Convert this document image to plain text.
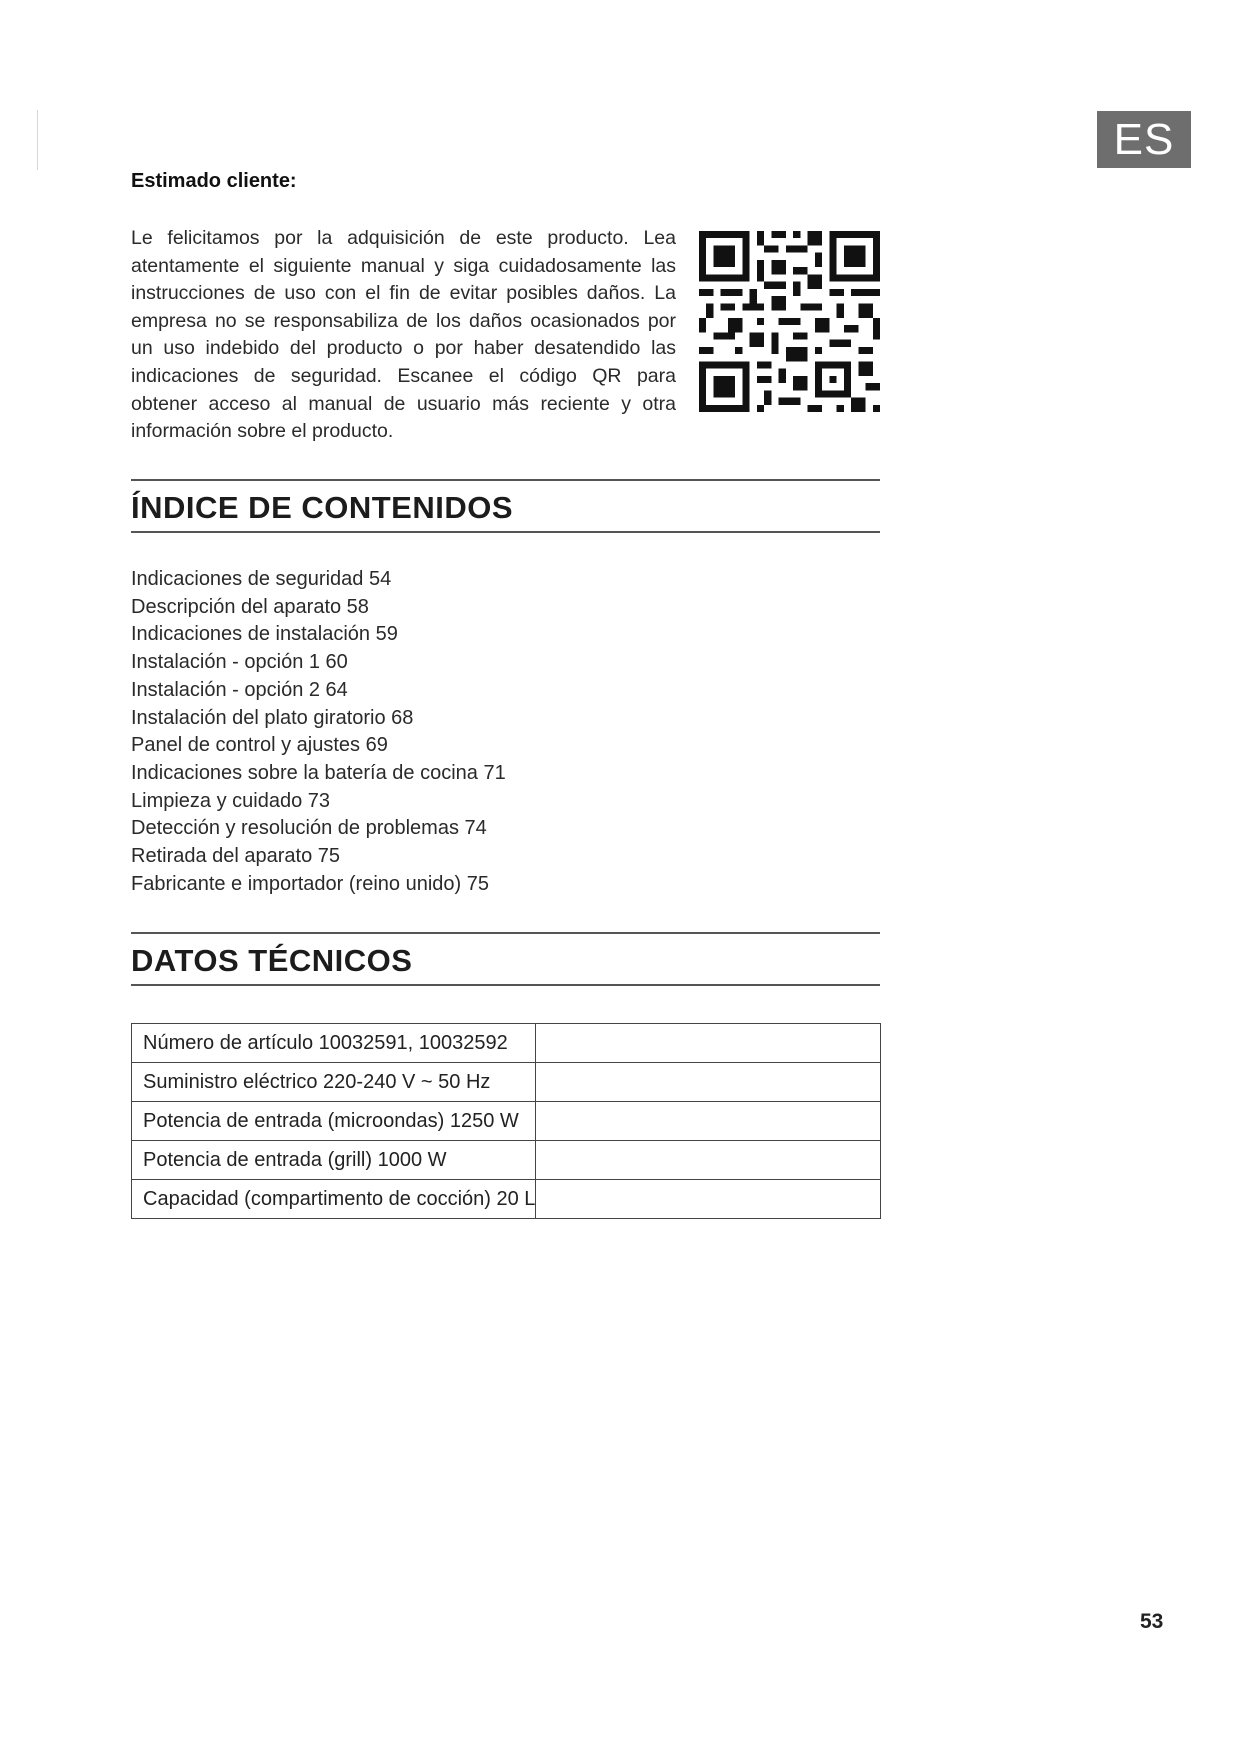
ES
Estimado cliente:

Le felicitamos por la adquisición de este producto. Lea atentamente el siguiente manual y siga cuidadosamente las instrucciones de uso con el fin de evitar posibles daños. La empresa no se responsabiliza de los daños ocasionados por un uso indebido del producto o por haber desatendido las indicaciones de seguridad. Escanee el código QR para obtener acceso al manual de usuario más reciente y otra información sobre el producto.

ÍNDICE DE CONTENIDOS
Indicaciones de seguridad 54
Descripción del aparato 58
Indicaciones de instalación 59
Instalación - opción 1 60
Instalación - opción 2 64
Instalación del plato giratorio 68
Panel de control y ajustes 69
Indicaciones sobre la batería de cocina 71
Limpieza y cuidado 73
Detección y resolución de problemas 74
Retirada del aparato 75
Fabricante e importador (reino unido) 75
DATOS TÉCNICOS
Número de artículo 10032591, 10032592	
Suministro eléctrico 220-240 V ~ 50 Hz	
Potencia de entrada (microondas) 1250 W	
Potencia de entrada (grill) 1000 W	
Capacidad (compartimento de cocción) 20 L	
53
